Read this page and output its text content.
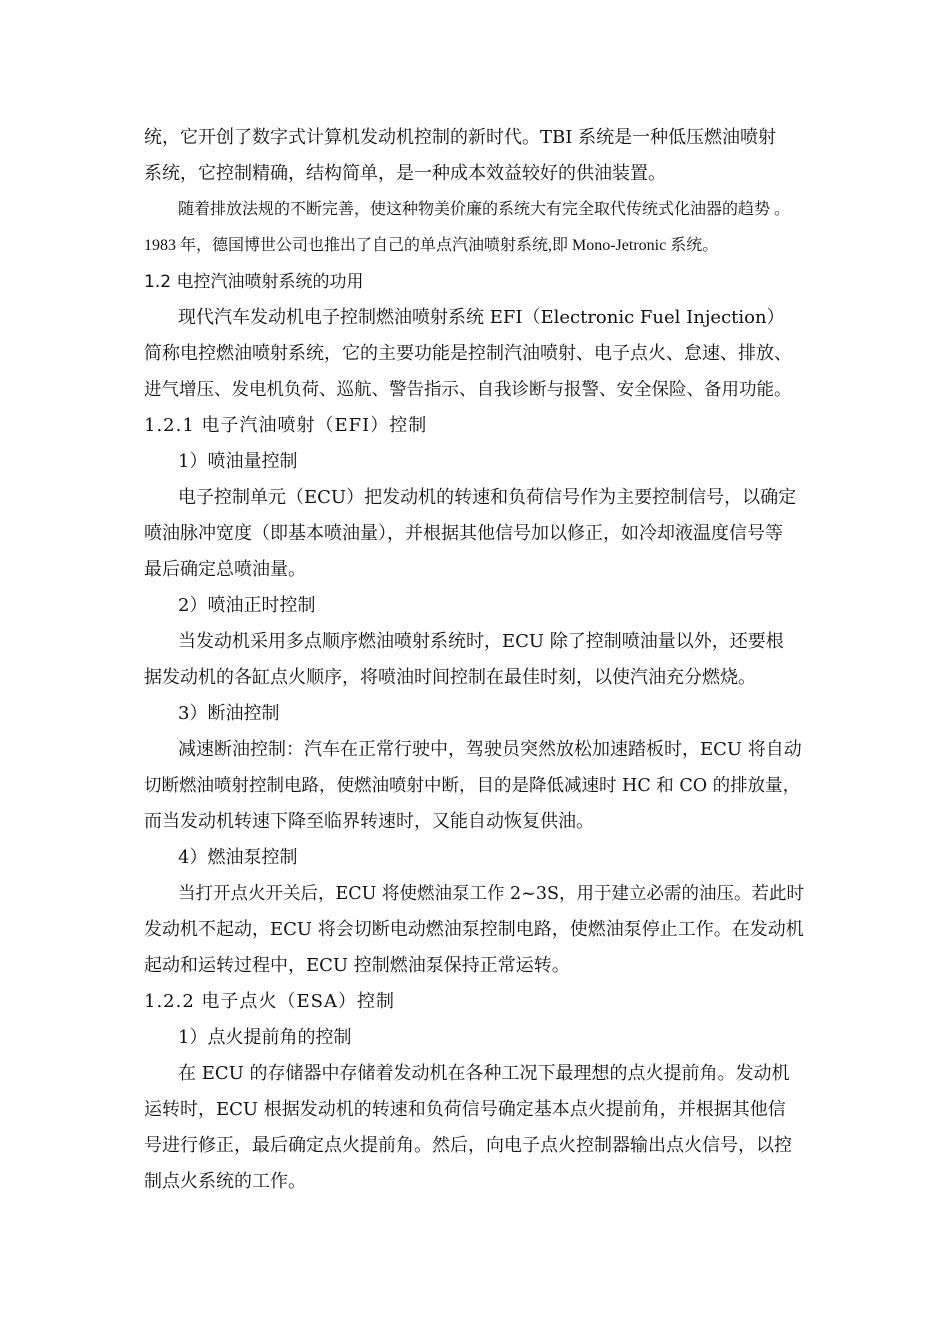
统，它开创了数字式计算机发动机控制的新时代。TBI 系统是一种低压燃油喷射
系统，它控制精确，结构简单，是一种成本效益较好的供油装置。
随着排放法规的不断完善，使这种物美价廉的系统大有完全取代传统式化油器的趋势 。
1983 年，德国博世公司也推出了自己的单点汽油喷射系统,即 Mono-Jetronic 系统。
1.2 电控汽油喷射系统的功用
现代汽车发动机电子控制燃油喷射系统 EFI（Electronic Fuel Injection）
简称电控燃油喷射系统，它的主要功能是控制汽油喷射、电子点火、怠速、排放、
进气增压、发电机负荷、巡航、警告指示、自我诊断与报警、安全保险、备用功能。
1.2.1 电子汽油喷射（EFI）控制
1）喷油量控制
电子控制单元（ECU）把发动机的转速和负荷信号作为主要控制信号，以确定
喷油脉冲宽度（即基本喷油量），并根据其他信号加以修正，如冷却液温度信号等
最后确定总喷油量。
2）喷油正时控制
当发动机采用多点顺序燃油喷射系统时，ECU 除了控制喷油量以外，还要根
据发动机的各缸点火顺序，将喷油时间控制在最佳时刻，以使汽油充分燃烧。
3）断油控制
减速断油控制：汽车在正常行驶中，驾驶员突然放松加速踏板时，ECU 将自动
切断燃油喷射控制电路，使燃油喷射中断，目的是降低减速时 HC 和 CO 的排放量，
而当发动机转速下降至临界转速时，又能自动恢复供油。
4）燃油泵控制
当打开点火开关后，ECU 将使燃油泵工作 2~3S，用于建立必需的油压。若此时
发动机不起动，ECU 将会切断电动燃油泵控制电路，使燃油泵停止工作。在发动机
起动和运转过程中，ECU 控制燃油泵保持正常运转。
1.2.2 电子点火（ESA）控制
1）点火提前角的控制
在 ECU 的存储器中存储着发动机在各种工况下最理想的点火提前角。发动机
运转时，ECU 根据发动机的转速和负荷信号确定基本点火提前角，并根据其他信
号进行修正，最后确定点火提前角。然后，向电子点火控制器输出点火信号，以控
制点火系统的工作。
